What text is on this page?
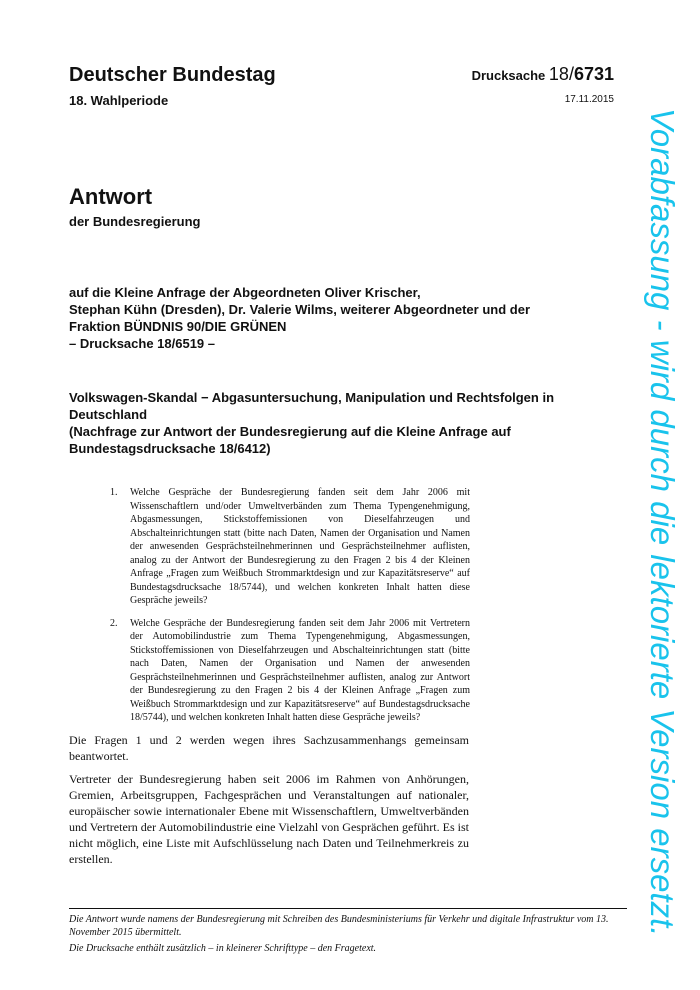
Deutscher Bundestag
18. Wahlperiode
Drucksache 18/6731
17.11.2015
Antwort
der Bundesregierung
auf die Kleine Anfrage der Abgeordneten Oliver Krischer,
Stephan Kühn (Dresden), Dr. Valerie Wilms, weiterer Abgeordneter und der
Fraktion BÜNDNIS 90/DIE GRÜNEN
– Drucksache 18/6519 –
Volkswagen-Skandal − Abgasuntersuchung, Manipulation und Rechtsfolgen in
Deutschland
(Nachfrage zur Antwort der Bundesregierung auf die Kleine Anfrage auf
Bundestagsdrucksache 18/6412)
1. Welche Gespräche der Bundesregierung fanden seit dem Jahr 2006 mit Wissenschaftlern und/oder Umweltverbänden zum Thema Typengenehmigung, Abgasmessungen, Stickstoffemissionen von Dieselfahrzeugen und Abschalteinrichtungen statt (bitte nach Daten, Namen der Organisation und Namen der anwesenden Gesprächsteilnehmerinnen und Gesprächsteilnehmer auflisten, analog zu der Antwort der Bundesregierung zu den Fragen 2 bis 4 der Kleinen Anfrage „Fragen zum Weißbuch Strommarktdesign und zur Kapazitätsreserve“ auf Bundestagsdrucksache 18/5744), und welchen konkreten Inhalt hatten diese Gespräche jeweils?
2. Welche Gespräche der Bundesregierung fanden seit dem Jahr 2006 mit Vertretern der Automobilindustrie zum Thema Typengenehmigung, Abgasmessungen, Stickstoffemissionen von Dieselfahrzeugen und Abschalteinrichtungen statt (bitte nach Daten, Namen der Organisation und Namen der anwesenden Gesprächsteilnehmerinnen und Gesprächsteilnehmer auflisten, analog zur Antwort der Bundesregierung zu den Fragen 2 bis 4 der Kleinen Anfrage „Fragen zum Weißbuch Strommarktdesign und zur Kapazitätsreserve“ auf Bundestagsdrucksache 18/5744), und welchen konkreten Inhalt hatten diese Gespräche jeweils?

Die Fragen 1 und 2 werden wegen ihres Sachzusammenhangs gemeinsam beantwortet.

Vertreter der Bundesregierung haben seit 2006 im Rahmen von Anhörungen, Gremien, Arbeitsgruppen, Fachgesprächen und Veranstaltungen auf nationaler, europäischer sowie internationaler Ebene mit Wissenschaftlern, Umweltverbänden und Vertretern der Automobilindustrie eine Vielzahl von Gesprächen geführt. Es ist nicht möglich, eine Liste mit Aufschlüsselung nach Daten und Teilnehmerkreis zu erstellen.

Die Antwort wurde namens der Bundesregierung mit Schreiben des Bundesministeriums für Verkehr und digitale Infrastruktur vom 13. November 2015 übermittelt.

Die Drucksache enthält zusätzlich – in kleinerer Schrifttype – den Fragetext.

Vorabfassung - wird durch die lektorierte Version ersetzt.
